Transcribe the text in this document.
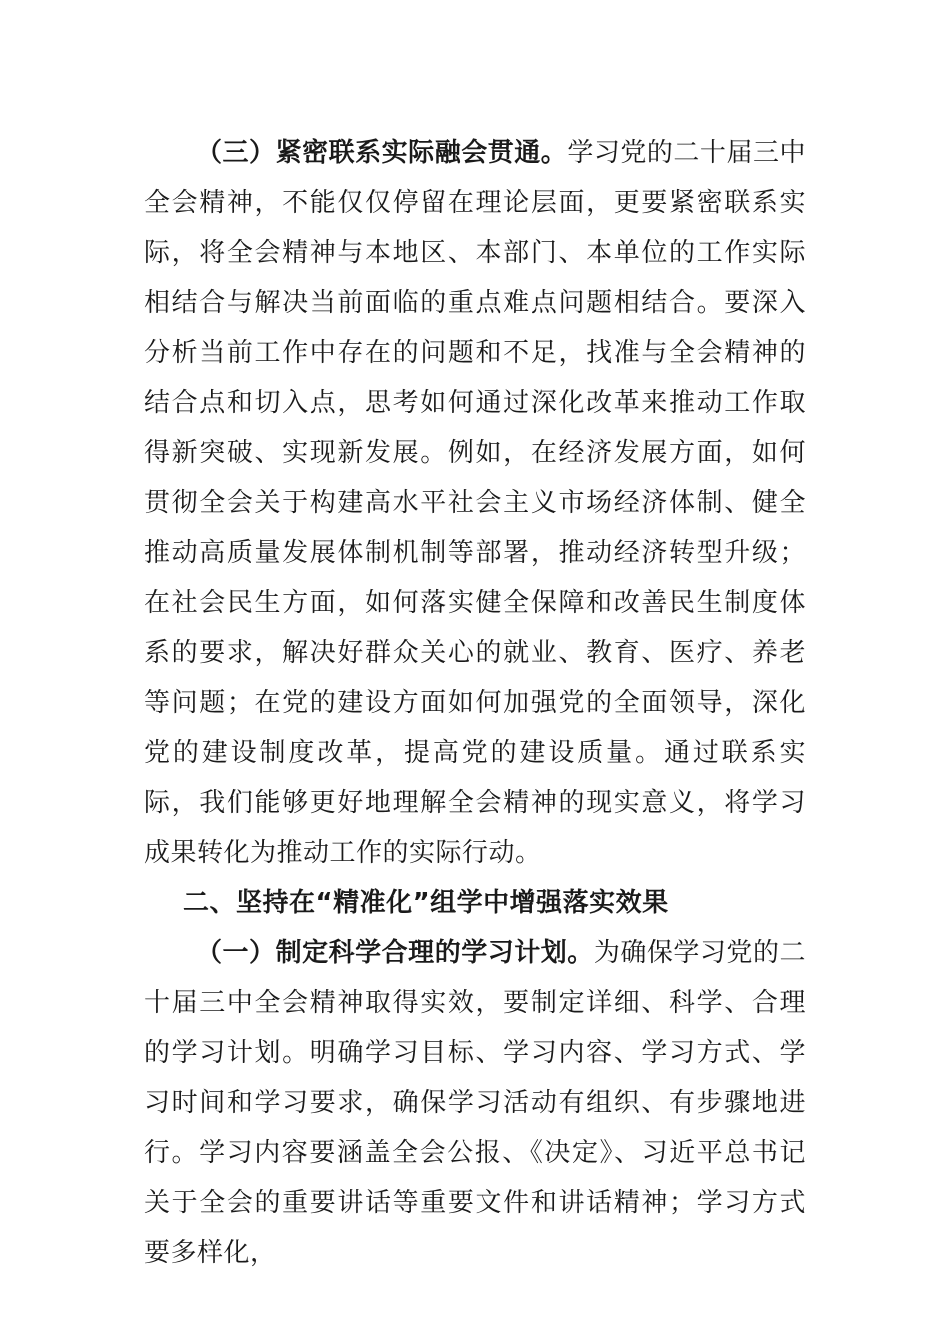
（三）紧密联系实际融会贯通。学习党的二十届三中全会精神，不能仅仅停留在理论层面，更要紧密联系实际，将全会精神与本地区、本部门、本单位的工作实际相结合与解决当前面临的重点难点问题相结合。要深入分析当前工作中存在的问题和不足，找准与全会精神的结合点和切入点，思考如何通过深化改革来推动工作取得新突破、实现新发展。例如，在经济发展方面，如何贯彻全会关于构建高水平社会主义市场经济体制、健全推动高质量发展体制机制等部署，推动经济转型升级；在社会民生方面，如何落实健全保障和改善民生制度体系的要求，解决好群众关心的就业、教育、医疗、养老等问题；在党的建设方面如何加强党的全面领导，深化党的建设制度改革，提高党的建设质量。通过联系实际，我们能够更好地理解全会精神的现实意义，将学习成果转化为推动工作的实际行动。

二、坚持在“精准化”组学中增强落实效果

（一）制定科学合理的学习计划。为确保学习党的二十届三中全会精神取得实效，要制定详细、科学、合理的学习计划。明确学习目标、学习内容、学习方式、学习时间和学习要求，确保学习活动有组织、有步骤地进行。学习内容要涵盖全会公报、《决定》、习近平总书记关于全会的重要讲话等重要文件和讲话精神；学习方式要多样化，
